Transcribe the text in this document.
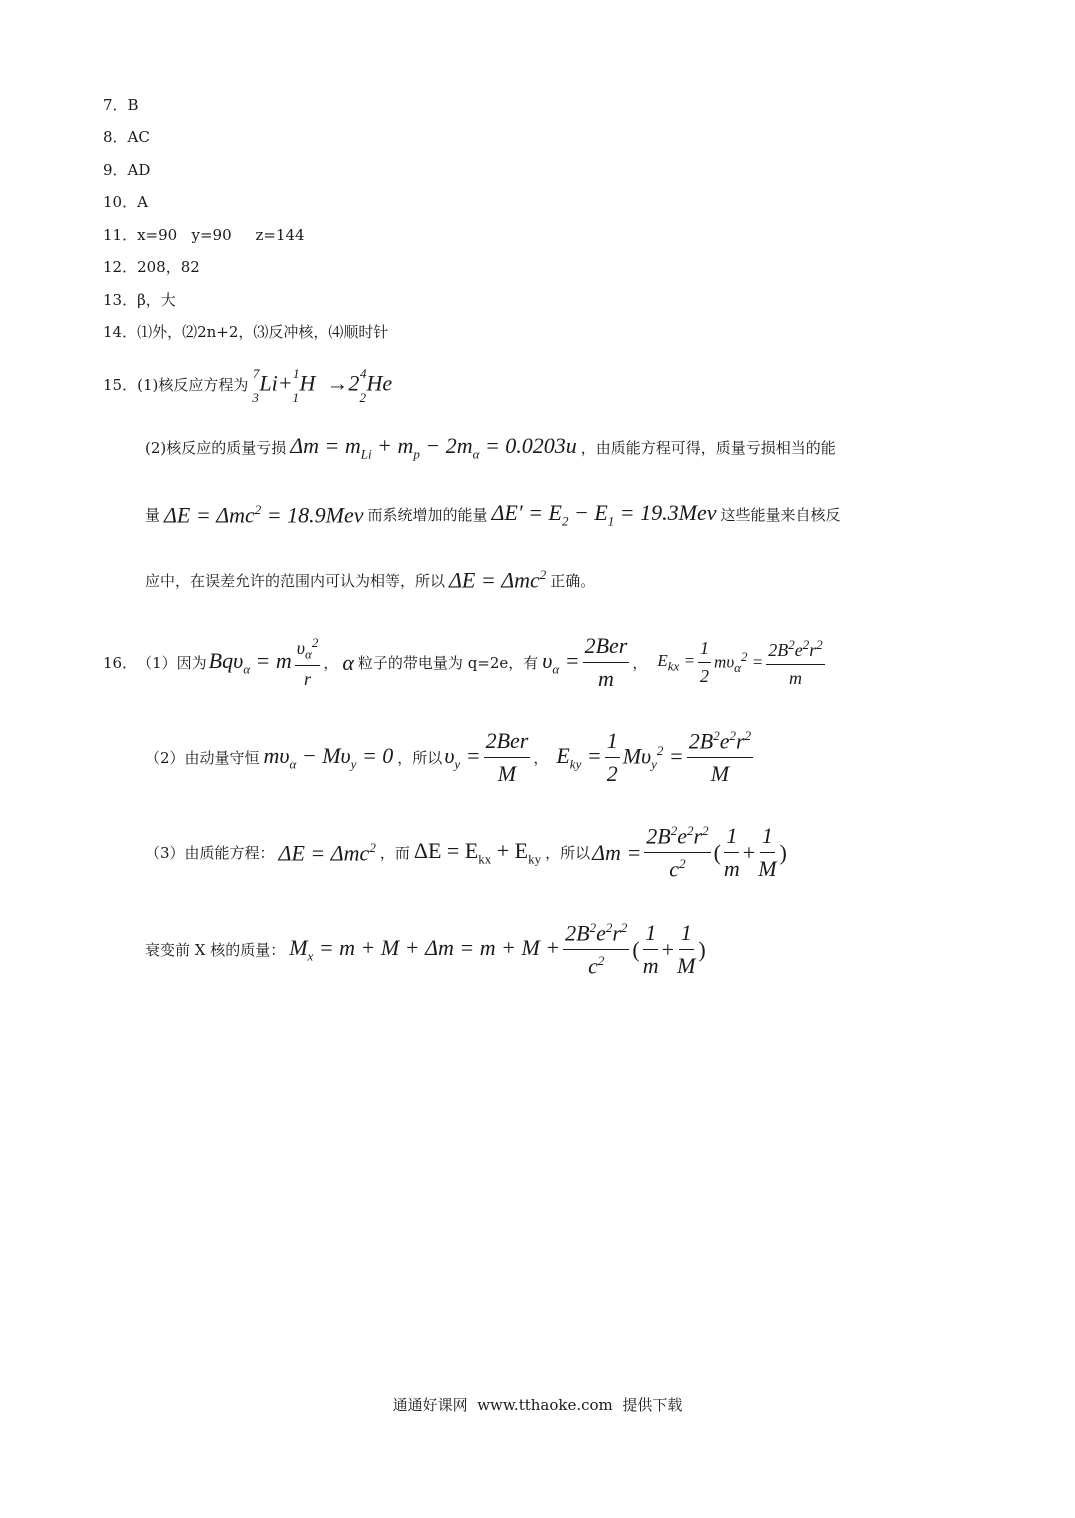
7．B
8．AC
9．AD
10．A
11．x=90   y=90     z=144
12．208，82
13．β，大
14．⑴外，⑵2n+2，⑶反冲核，⑷顺时针
15． (1)核反应方程为
$_3^7Li+_1^1H \to 2_2^4He$
(2)核反应的质量亏损 $\Delta m = m_{Li} + m_p - 2m_\alpha = 0.0203u$ ，由质能方程可得，质量亏损相当的能
量 ΔE = Δmc$^2$ = 18.9Mev 而系统增加的能量 $\Delta E' = E_2 - E_1 = 19.3Mev$ 这些能量来自核反
应中，在误差允许的范围内可认为相等，所以 ΔE = Δmc$^2$ 正确。
16． （1）因为 Bqυ$_\alpha$ = m $\frac{\upsilon_\alpha^2}{r}$ ， α 粒子的带电量为 q=2e，有 $\upsilon_\alpha = \frac{\text{2Ber}}{m}$ ， $E_{kx} = \frac{1}{2} m\upsilon_\alpha^2 = \frac{2B^2e^2r^2}{m}$
（2）由动量守恒 $m\upsilon_\alpha - M\upsilon_y = 0$ ，所以 $\upsilon_y = \frac{\text{2Ber}}{M}$ ， $E_{ky} = \frac{1}{2} M\upsilon_y^2 = \frac{2B^2e^2r^2}{M}$
（3）由质能方程： ΔE = Δmc$^2$ ，而 $\Delta E = E_{kx} + E_{ky}$ ，所以 $\Delta m = \frac{2B^2e^2r^2}{c^2}$ ( $\frac{1}{m} + \frac{1}{M}$ )
衰变前 X 核的质量： $M_x = m + M + \Delta m = m + M + \frac{2B^2e^2r^2}{c^2}$ ( $\frac{1}{m} + \frac{1}{M}$ )
通通好课网  www.tthaoke.com  提供下载
